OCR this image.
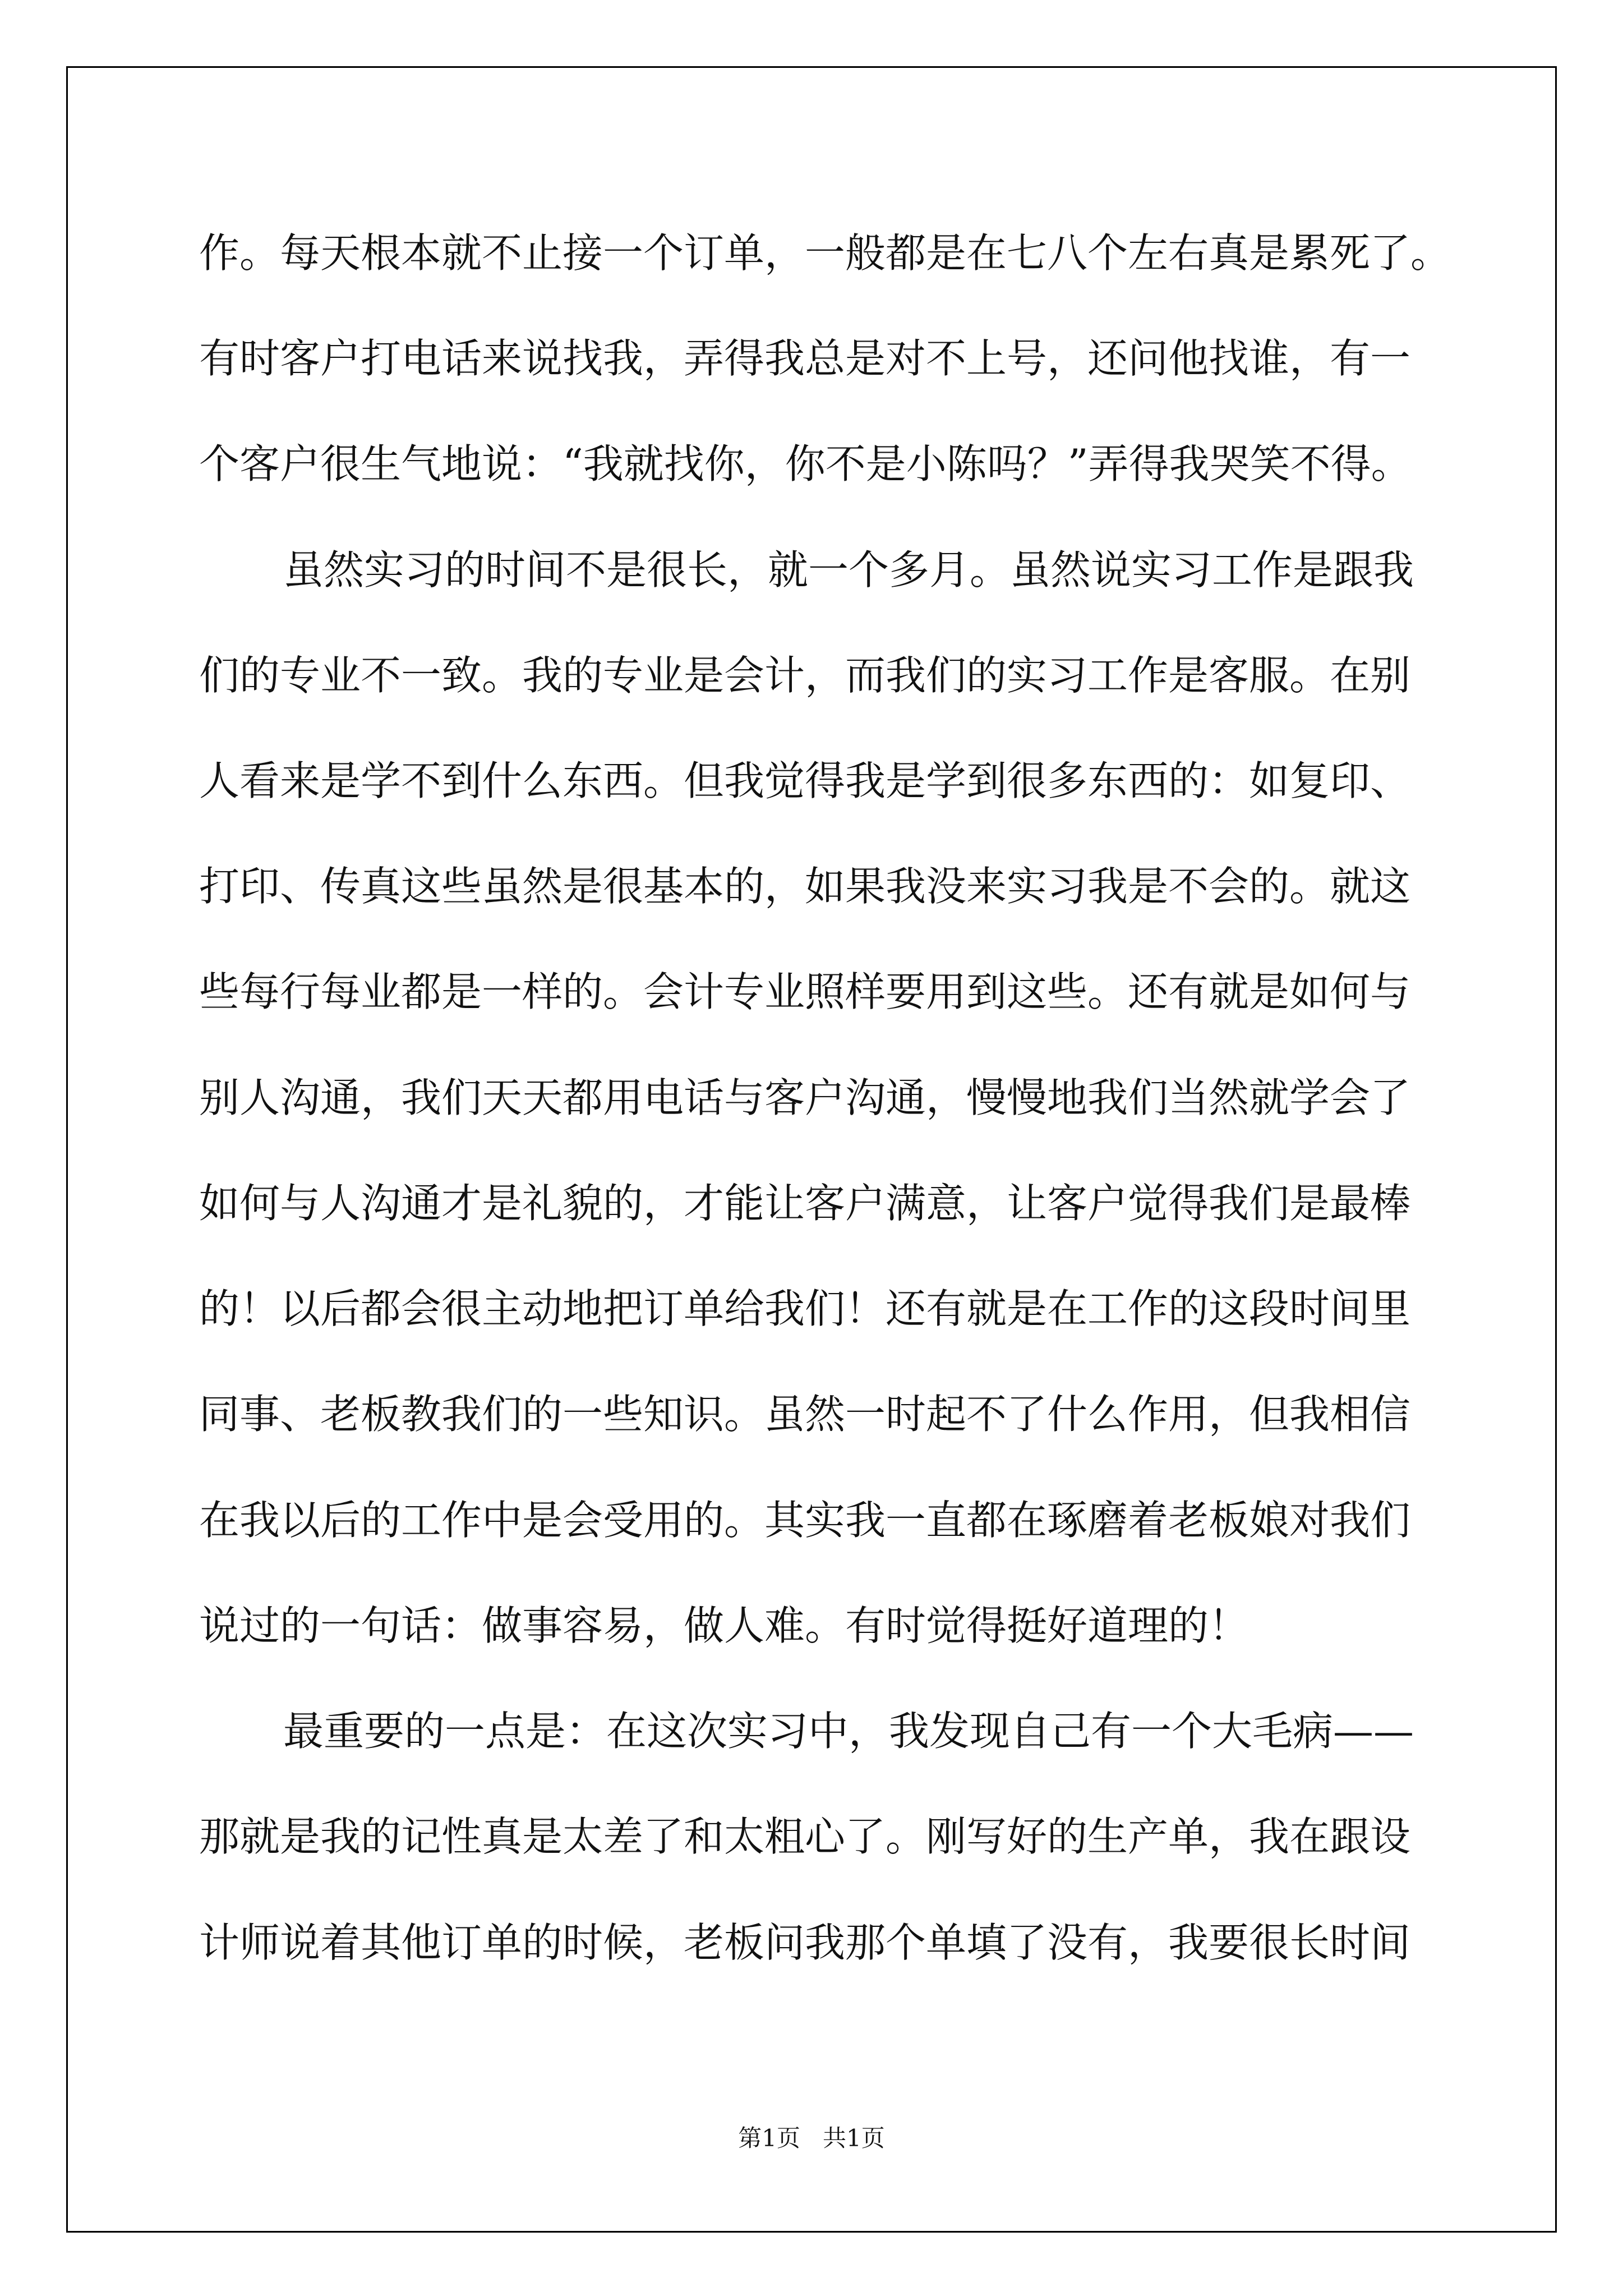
作。每天根本就不止接一个订单，一般都是在七八个左右真是累死了。
有时客户打电话来说找我，弄得我总是对不上号，还问他找谁，有一
个客户很生气地说：“我就找你，你不是小陈吗？”弄得我哭笑不得。
虽然实习的时间不是很长，就一个多月。虽然说实习工作是跟我
们的专业不一致。我的专业是会计，而我们的实习工作是客服。在别
人看来是学不到什么东西。但我觉得我是学到很多东西的：如复印、
打印、传真这些虽然是很基本的，如果我没来实习我是不会的。就这
些每行每业都是一样的。会计专业照样要用到这些。还有就是如何与
别人沟通，我们天天都用电话与客户沟通，慢慢地我们当然就学会了
如何与人沟通才是礼貌的，才能让客户满意，让客户觉得我们是最棒
的！以后都会很主动地把订单给我们！还有就是在工作的这段时间里
同事、老板教我们的一些知识。虽然一时起不了什么作用，但我相信
在我以后的工作中是会受用的。其实我一直都在琢磨着老板娘对我们
说过的一句话：做事容易，做人难。有时觉得挺好道理的！
最重要的一点是：在这次实习中，我发现自己有一个大毛病——
那就是我的记性真是太差了和太粗心了。刚写好的生产单，我在跟设
计师说着其他订单的时候，老板问我那个单填了没有，我要很长时间
第1页   共1页
